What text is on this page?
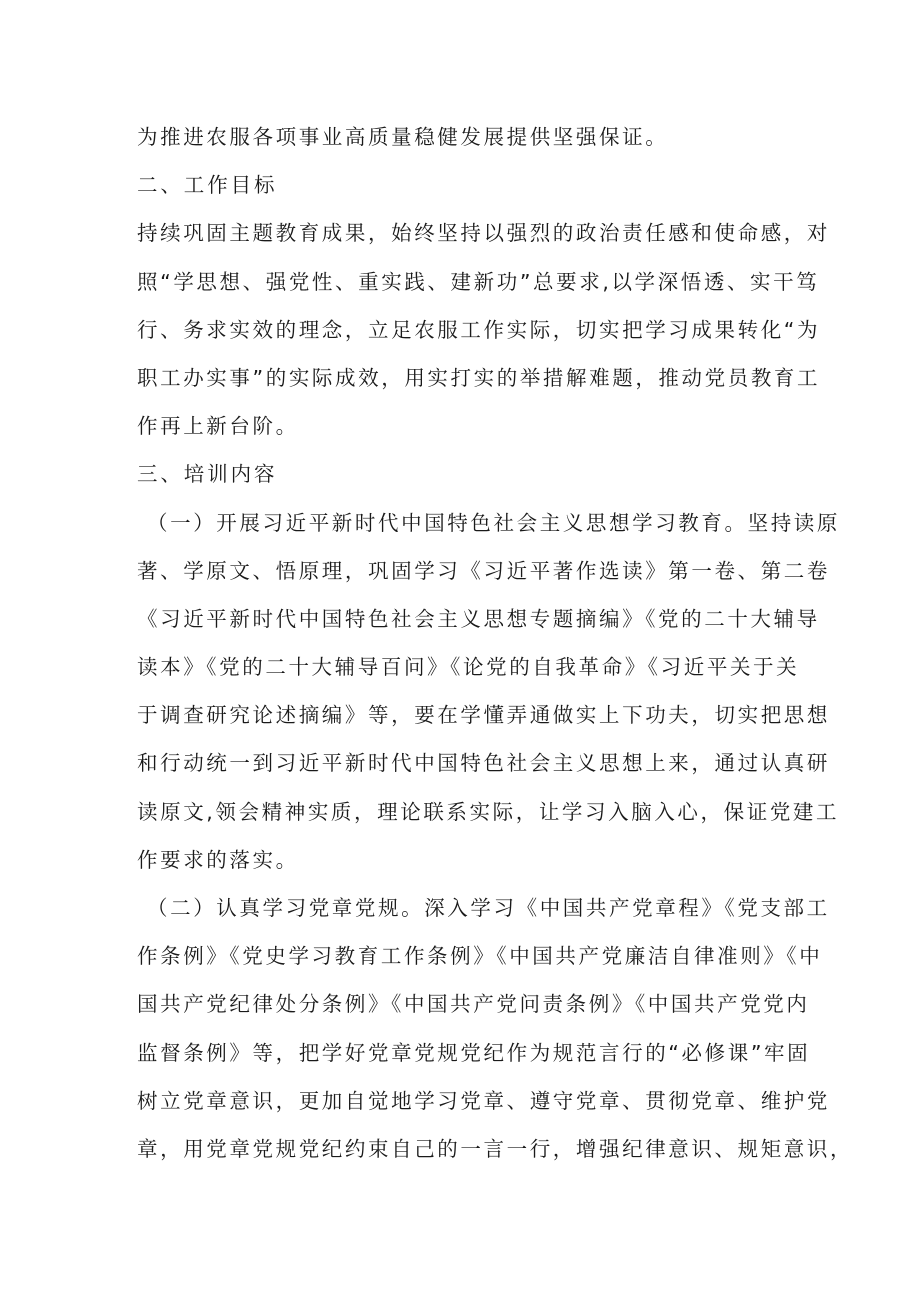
为推进农服各项事业高质量稳健发展提供坚强保证。
二、工作目标
持续巩固主题教育成果，始终坚持以强烈的政治责任感和使命感，对
照“学思想、强党性、重实践、建新功”总要求,以学深悟透、实干笃
行、务求实效的理念，立足农服工作实际，切实把学习成果转化“为
职工办实事”的实际成效，用实打实的举措解难题，推动党员教育工
作再上新台阶。
三、培训内容
（一）开展习近平新时代中国特色社会主义思想学习教育。坚持读原
著、学原文、悟原理，巩固学习《习近平著作选读》第一卷、第二卷
《习近平新时代中国特色社会主义思想专题摘编》《党的二十大辅导
读本》《党的二十大辅导百问》《论党的自我革命》《习近平关于关
于调查研究论述摘编》等，要在学懂弄通做实上下功夫，切实把思想
和行动统一到习近平新时代中国特色社会主义思想上来，通过认真研
读原文,领会精神实质，理论联系实际，让学习入脑入心，保证党建工
作要求的落实。
（二）认真学习党章党规。深入学习《中国共产党章程》《党支部工
作条例》《党史学习教育工作条例》《中国共产党廉洁自律准则》《中
国共产党纪律处分条例》《中国共产党问责条例》《中国共产党党内
监督条例》等，把学好党章党规党纪作为规范言行的“必修课”牢固
树立党章意识，更加自觉地学习党章、遵守党章、贯彻党章、维护党
章，用党章党规党纪约束自己的一言一行，增强纪律意识、规矩意识，
